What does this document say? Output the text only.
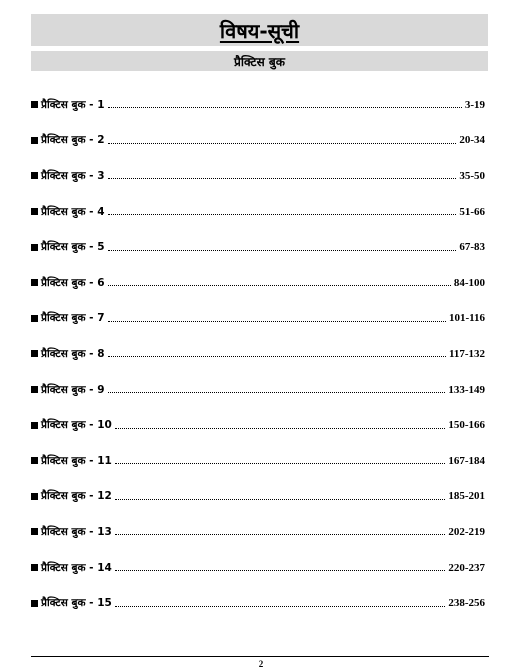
विषय-सूची
प्रैक्टिस बुक
प्रैक्टिस बुक - 1	3-19
प्रैक्टिस बुक - 2	20-34
प्रैक्टिस बुक - 3	35-50
प्रैक्टिस बुक - 4	51-66
प्रैक्टिस बुक - 5	67-83
प्रैक्टिस बुक - 6	84-100
प्रैक्टिस बुक - 7	101-116
प्रैक्टिस बुक - 8	117-132
प्रैक्टिस बुक - 9	133-149
प्रैक्टिस बुक - 10	150-166
प्रैक्टिस बुक - 11	167-184
प्रैक्टिस बुक - 12	185-201
प्रैक्टिस बुक - 13	202-219
प्रैक्टिस बुक - 14	220-237
प्रैक्टिस बुक - 15	238-256
2
